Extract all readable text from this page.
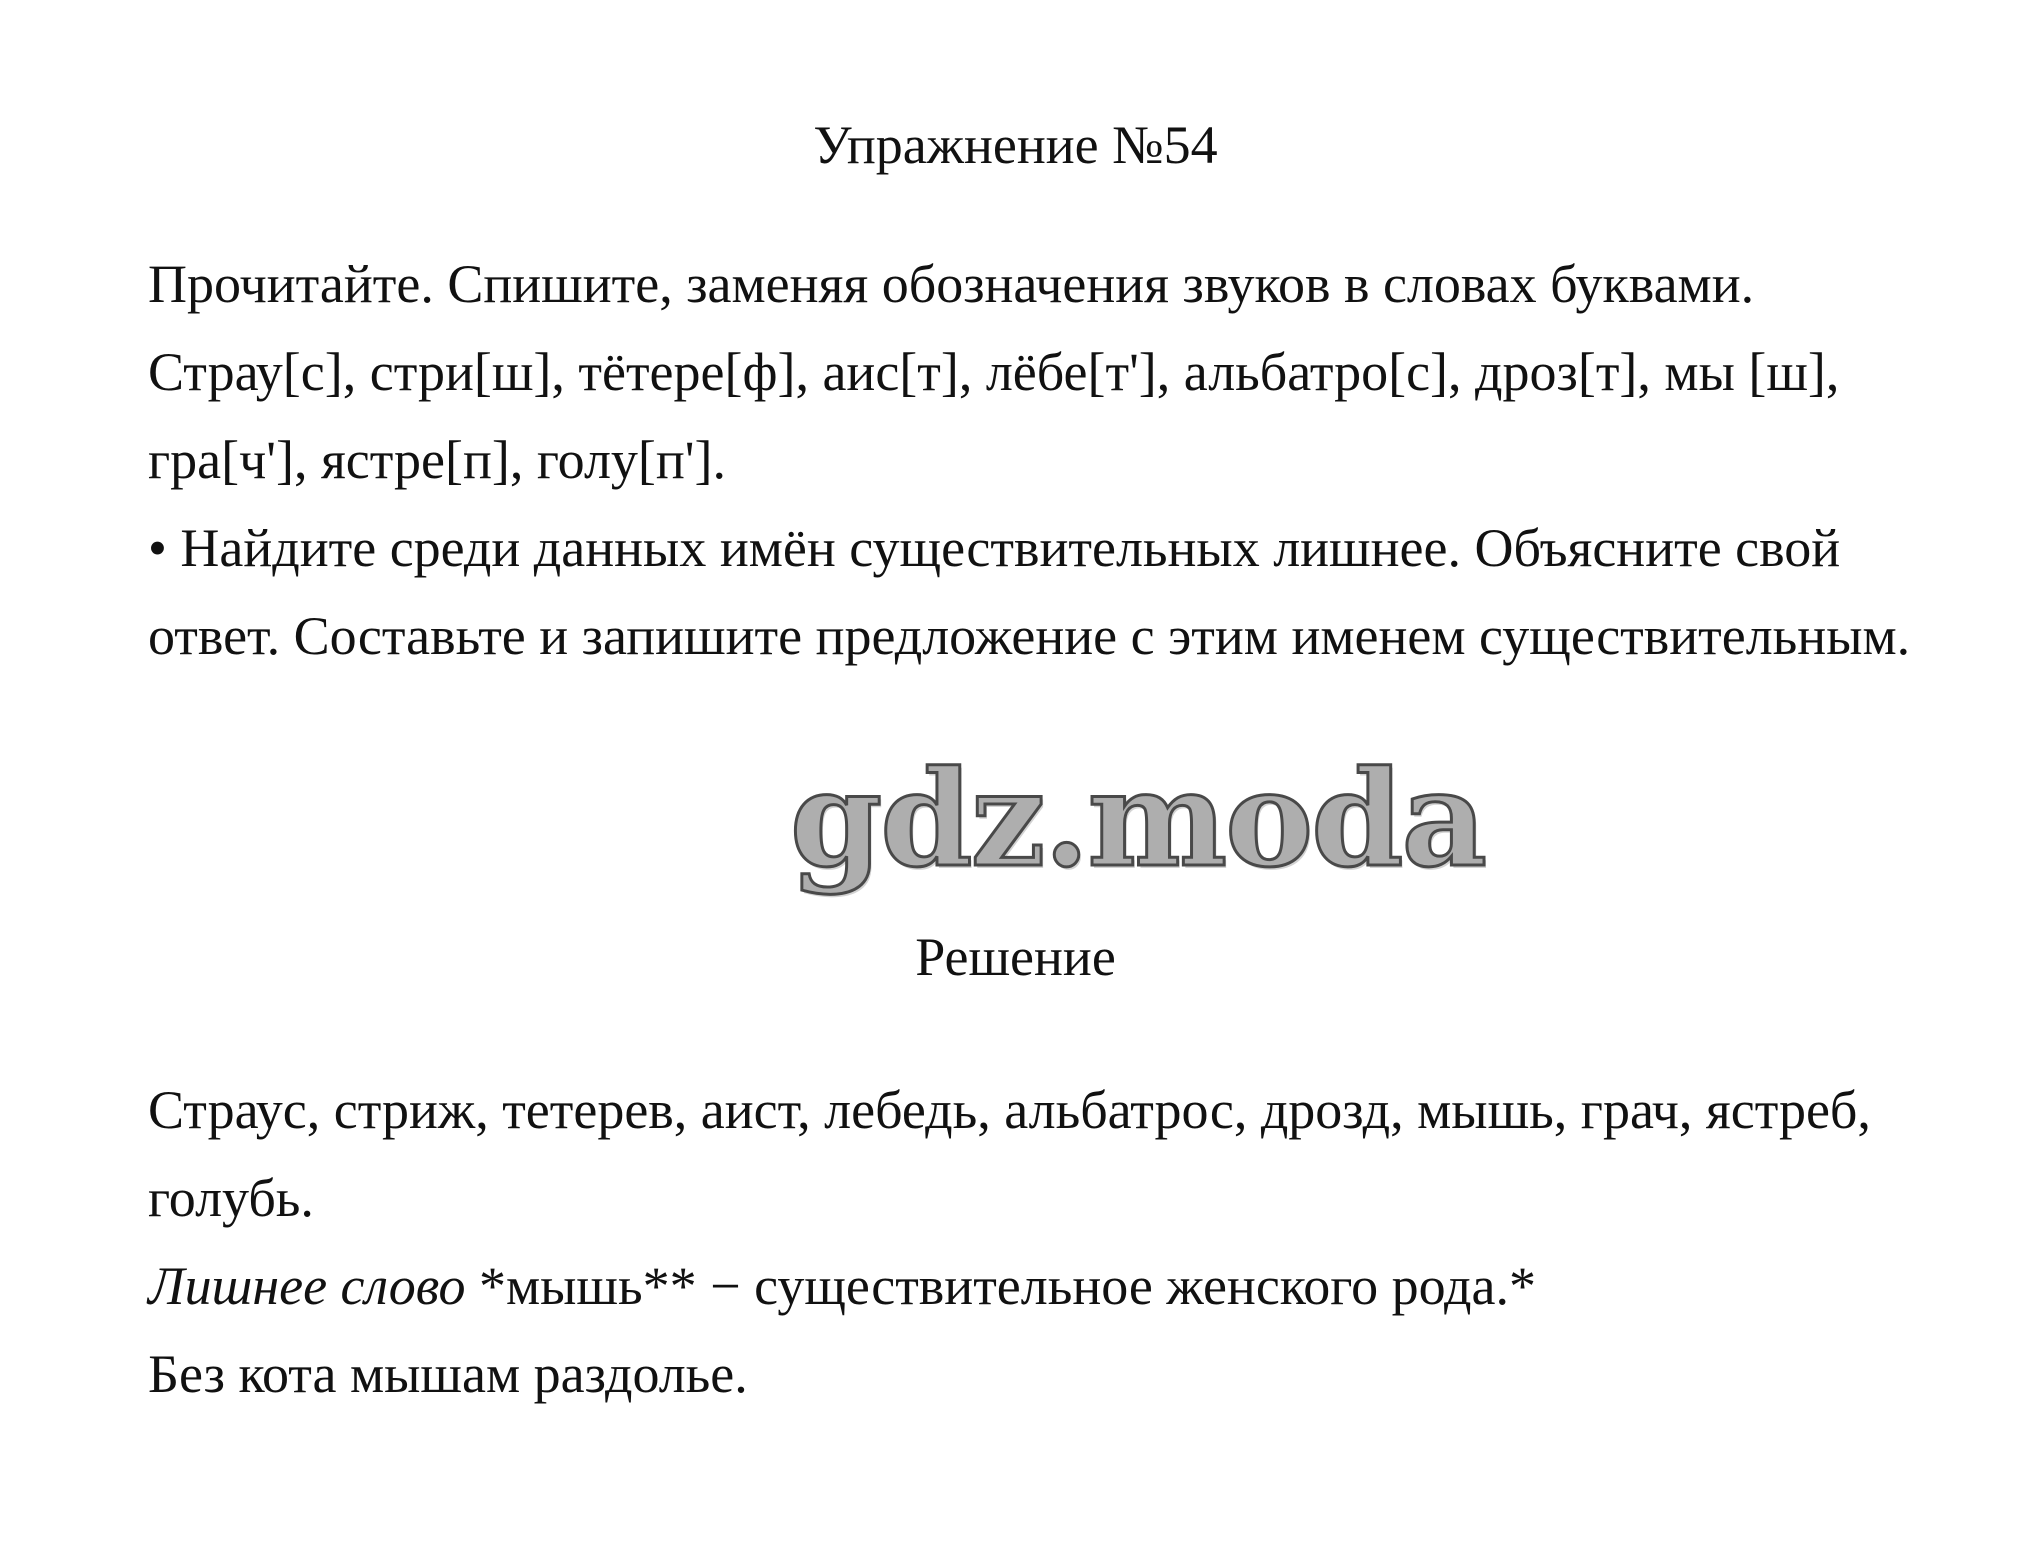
Упражнение №54

Прочитайте. Спишите, заменяя обозначения звуков в словах буквами.

Страу[с], стри[ш], тётере[ф], аис[т], лёбе[т'], альбатро[с], дроз[т], мы [ш], гра[ч'], ястре[п], голу[п'].

• Найдите среди данных имён существительных лишнее. Объясните свой ответ. Составьте и запишите предложение с этим именем существительным.

gdz.moda
Решение

Страус, стриж, тетерев, аист, лебедь, альбатрос, дрозд, мышь, грач, ястреб, голубь.

Лишнее слово *мышь** − существительное женского рода.*

Без кота мышам раздолье.
